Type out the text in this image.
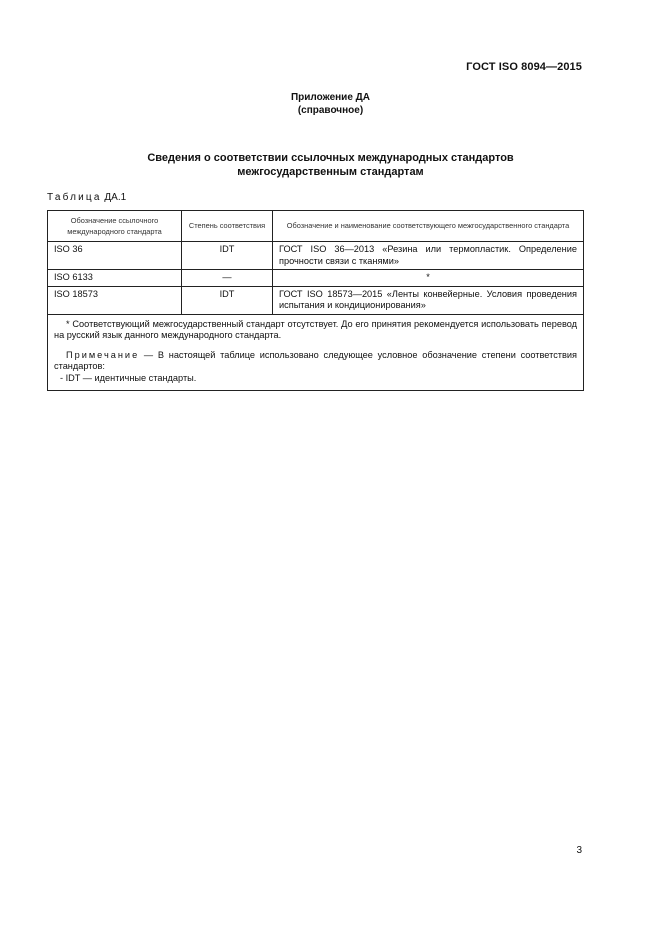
ГОСТ ISO 8094—2015
Приложение ДА
(справочное)
Сведения о соответствии ссылочных международных стандартов
межгосударственным стандартам
Таблица ДА.1
Обозначение ссылочного международного стандарта	Степень соответствия	Обозначение и наименование соответствующего межгосударственного стандарта
ISO 36	IDT	ГОСТ ISO 36—2013 «Резина или термопластик. Определение прочности связи с тканями»
ISO 6133	—	*
ISO 18573	IDT	ГОСТ ISO 18573—2015 «Ленты конвейерные. Условия проведения испытания и кондиционирования»

* Соответствующий межгосударственный стандарт отсутствует. До его принятия рекомендуется использовать перевод на русский язык данного международного стандарта.

Примечание — В настоящей таблице использовано следующее условное обозначение степени соответствия стандартов:

- IDT — идентичные стандарты.		

3
